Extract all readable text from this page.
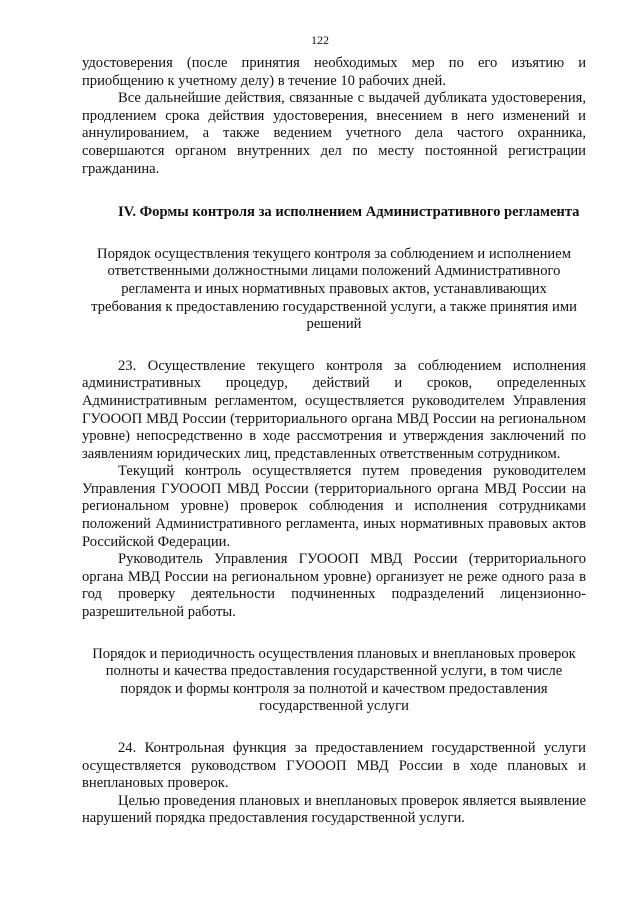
122

удостоверения (после принятия необходимых мер по его изъятию и приобщению к учетному делу) в течение 10 рабочих дней.

Все дальнейшие действия, связанные с выдачей дубликата удостоверения, продлением срока действия удостоверения, внесением в него изменений и аннулированием, а также ведением учетного дела частого охранника, совершаются органом внутренних дел по месту постоянной регистрации гражданина.

IV. Формы контроля за исполнением Административного регламента

Порядок осуществления текущего контроля за соблюдением и исполнением ответственными должностными лицами положений Административного регламента и иных нормативных правовых актов, устанавливающих требования к предоставлению государственной услуги, а также принятия ими решений

23. Осуществление текущего контроля за соблюдением исполнения административных процедур, действий и сроков, определенных Административным регламентом, осуществляется руководителем Управления ГУОООП МВД России (территориального органа МВД России на региональном уровне) непосредственно в ходе рассмотрения и утверждения заключений по заявлениям юридических лиц, представленных ответственным сотрудником.

Текущий контроль осуществляется путем проведения руководителем Управления ГУОООП МВД России (территориального органа МВД России на региональном уровне) проверок соблюдения и исполнения сотрудниками положений Административного регламента, иных нормативных правовых актов Российской Федерации.

Руководитель Управления ГУОООП МВД России (территориального органа МВД России на региональном уровне) организует не реже одного раза в год проверку деятельности подчиненных подразделений лицензионно-разрешительной работы.

Порядок и периодичность осуществления плановых и внеплановых проверок полноты и качества предоставления государственной услуги, в том числе порядок и формы контроля за полнотой и качеством предоставления государственной услуги

24. Контрольная функция за предоставлением государственной услуги осуществляется руководством ГУОООП МВД России в ходе плановых и внеплановых проверок.

Целью проведения плановых и внеплановых проверок является выявление нарушений порядка предоставления государственной услуги.
